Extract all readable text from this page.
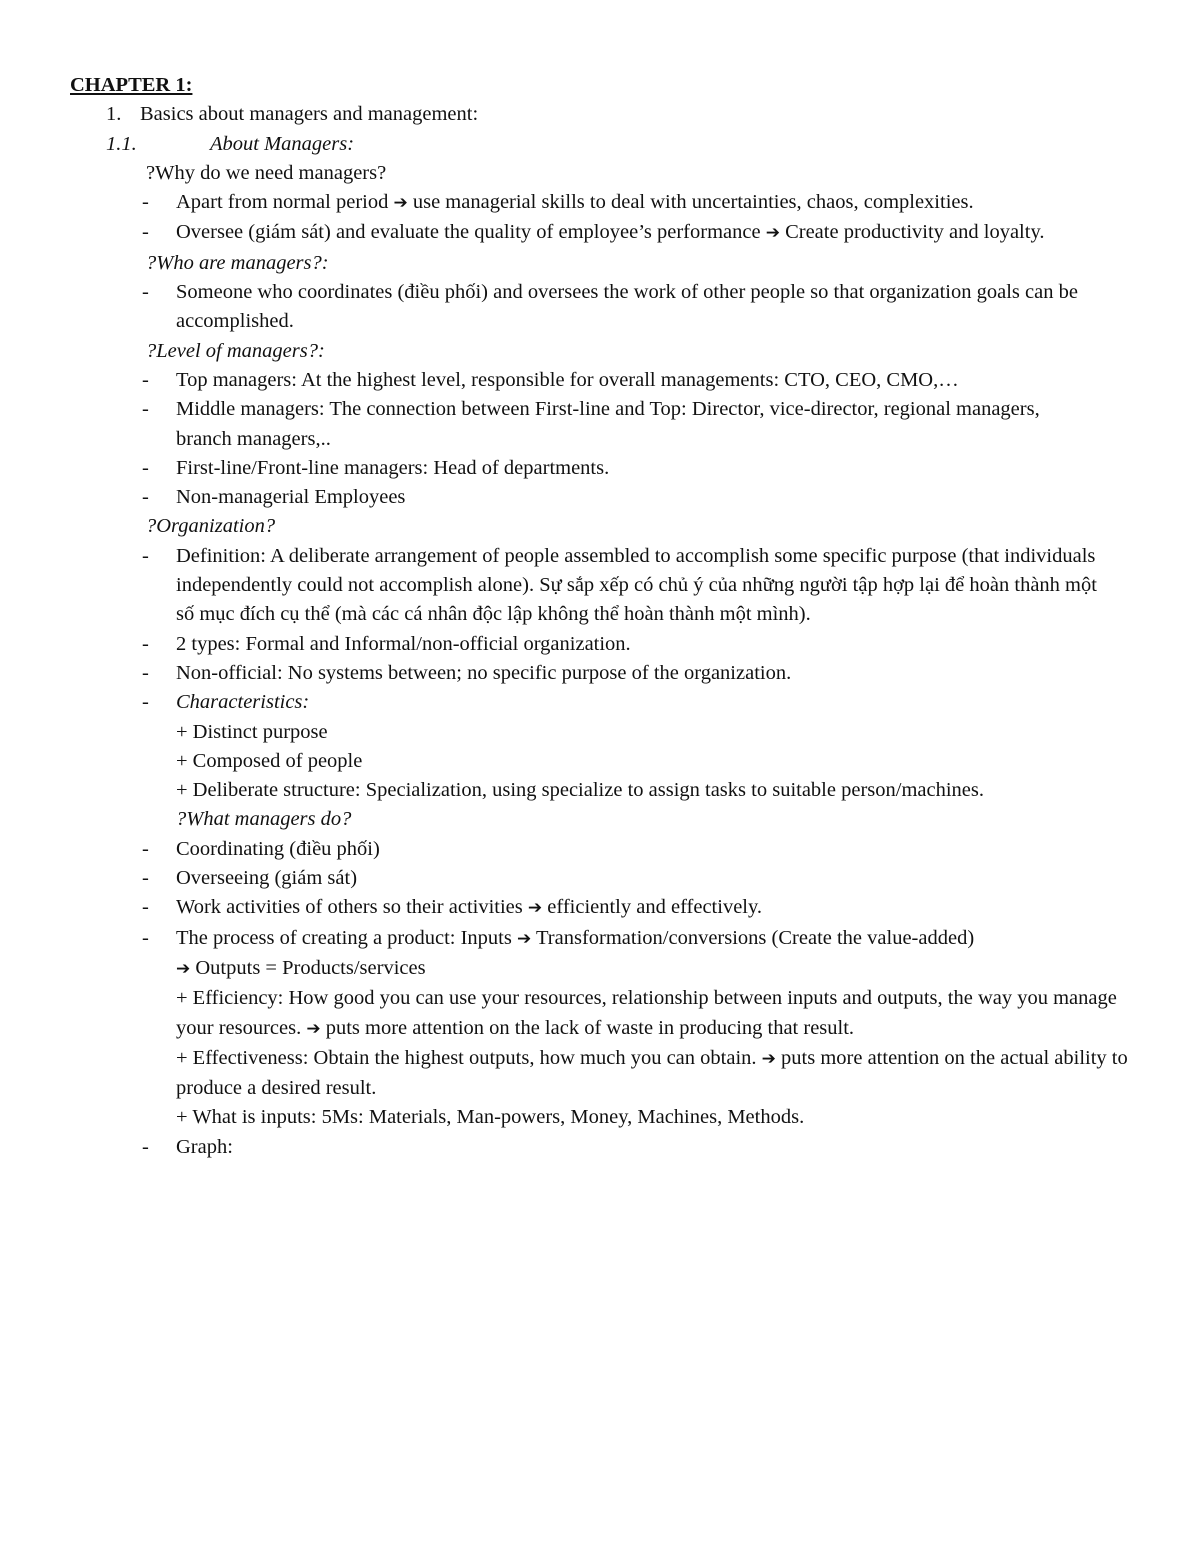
CHAPTER 1:
1. Basics about managers and management:
1.1.	About Managers:
?Why do we need managers?
-	Apart from normal period ➔ use managerial skills to deal with uncertainties, chaos, complexities.
-	Oversee (giám sát) and evaluate the quality of employee’s performance ➔ Create productivity and loyalty.
?Who are managers?:
-	Someone who coordinates (điều phối) and oversees the work of other people so that organization goals can be accomplished.
?Level of managers?:
-	Top managers: At the highest level, responsible for overall managements: CTO, CEO, CMO,…
-	Middle managers: The connection between First-line and Top: Director, vice-director, regional managers, branch managers,..
-	First-line/Front-line managers: Head of departments.
-	Non-managerial Employees
?Organization?
-	Definition: A deliberate arrangement of people assembled to accomplish some specific purpose (that individuals independently could not accomplish alone). Sự sắp xếp có chủ ý của những người tập hợp lại để hoàn thành một số mục đích cụ thể (mà các cá nhân độc lập không thể hoàn thành một mình).
-	2 types: Formal and Informal/non-official organization.
-	Non-official: No systems between; no specific purpose of the organization.
-	Characteristics:
+ Distinct purpose
+ Composed of people
+ Deliberate structure: Specialization, using specialize to assign tasks to suitable person/machines.
?What managers do?
-	Coordinating (điều phối)
-	Overseeing (giám sát)
-	Work activities of others so their activities ➔ efficiently and effectively.
-	The process of creating a product: Inputs ➔ Transformation/conversions (Create the value-added)
➔ Outputs = Products/services
+ Efficiency: How good you can use your resources, relationship between inputs and outputs, the way you manage your resources. ➔ puts more attention on the lack of waste in producing that result.
+ Effectiveness: Obtain the highest outputs, how much you can obtain. ➔ puts more attention on the actual ability to produce a desired result.
+ What is inputs: 5Ms: Materials, Man-powers, Money, Machines, Methods.
-	Graph:
